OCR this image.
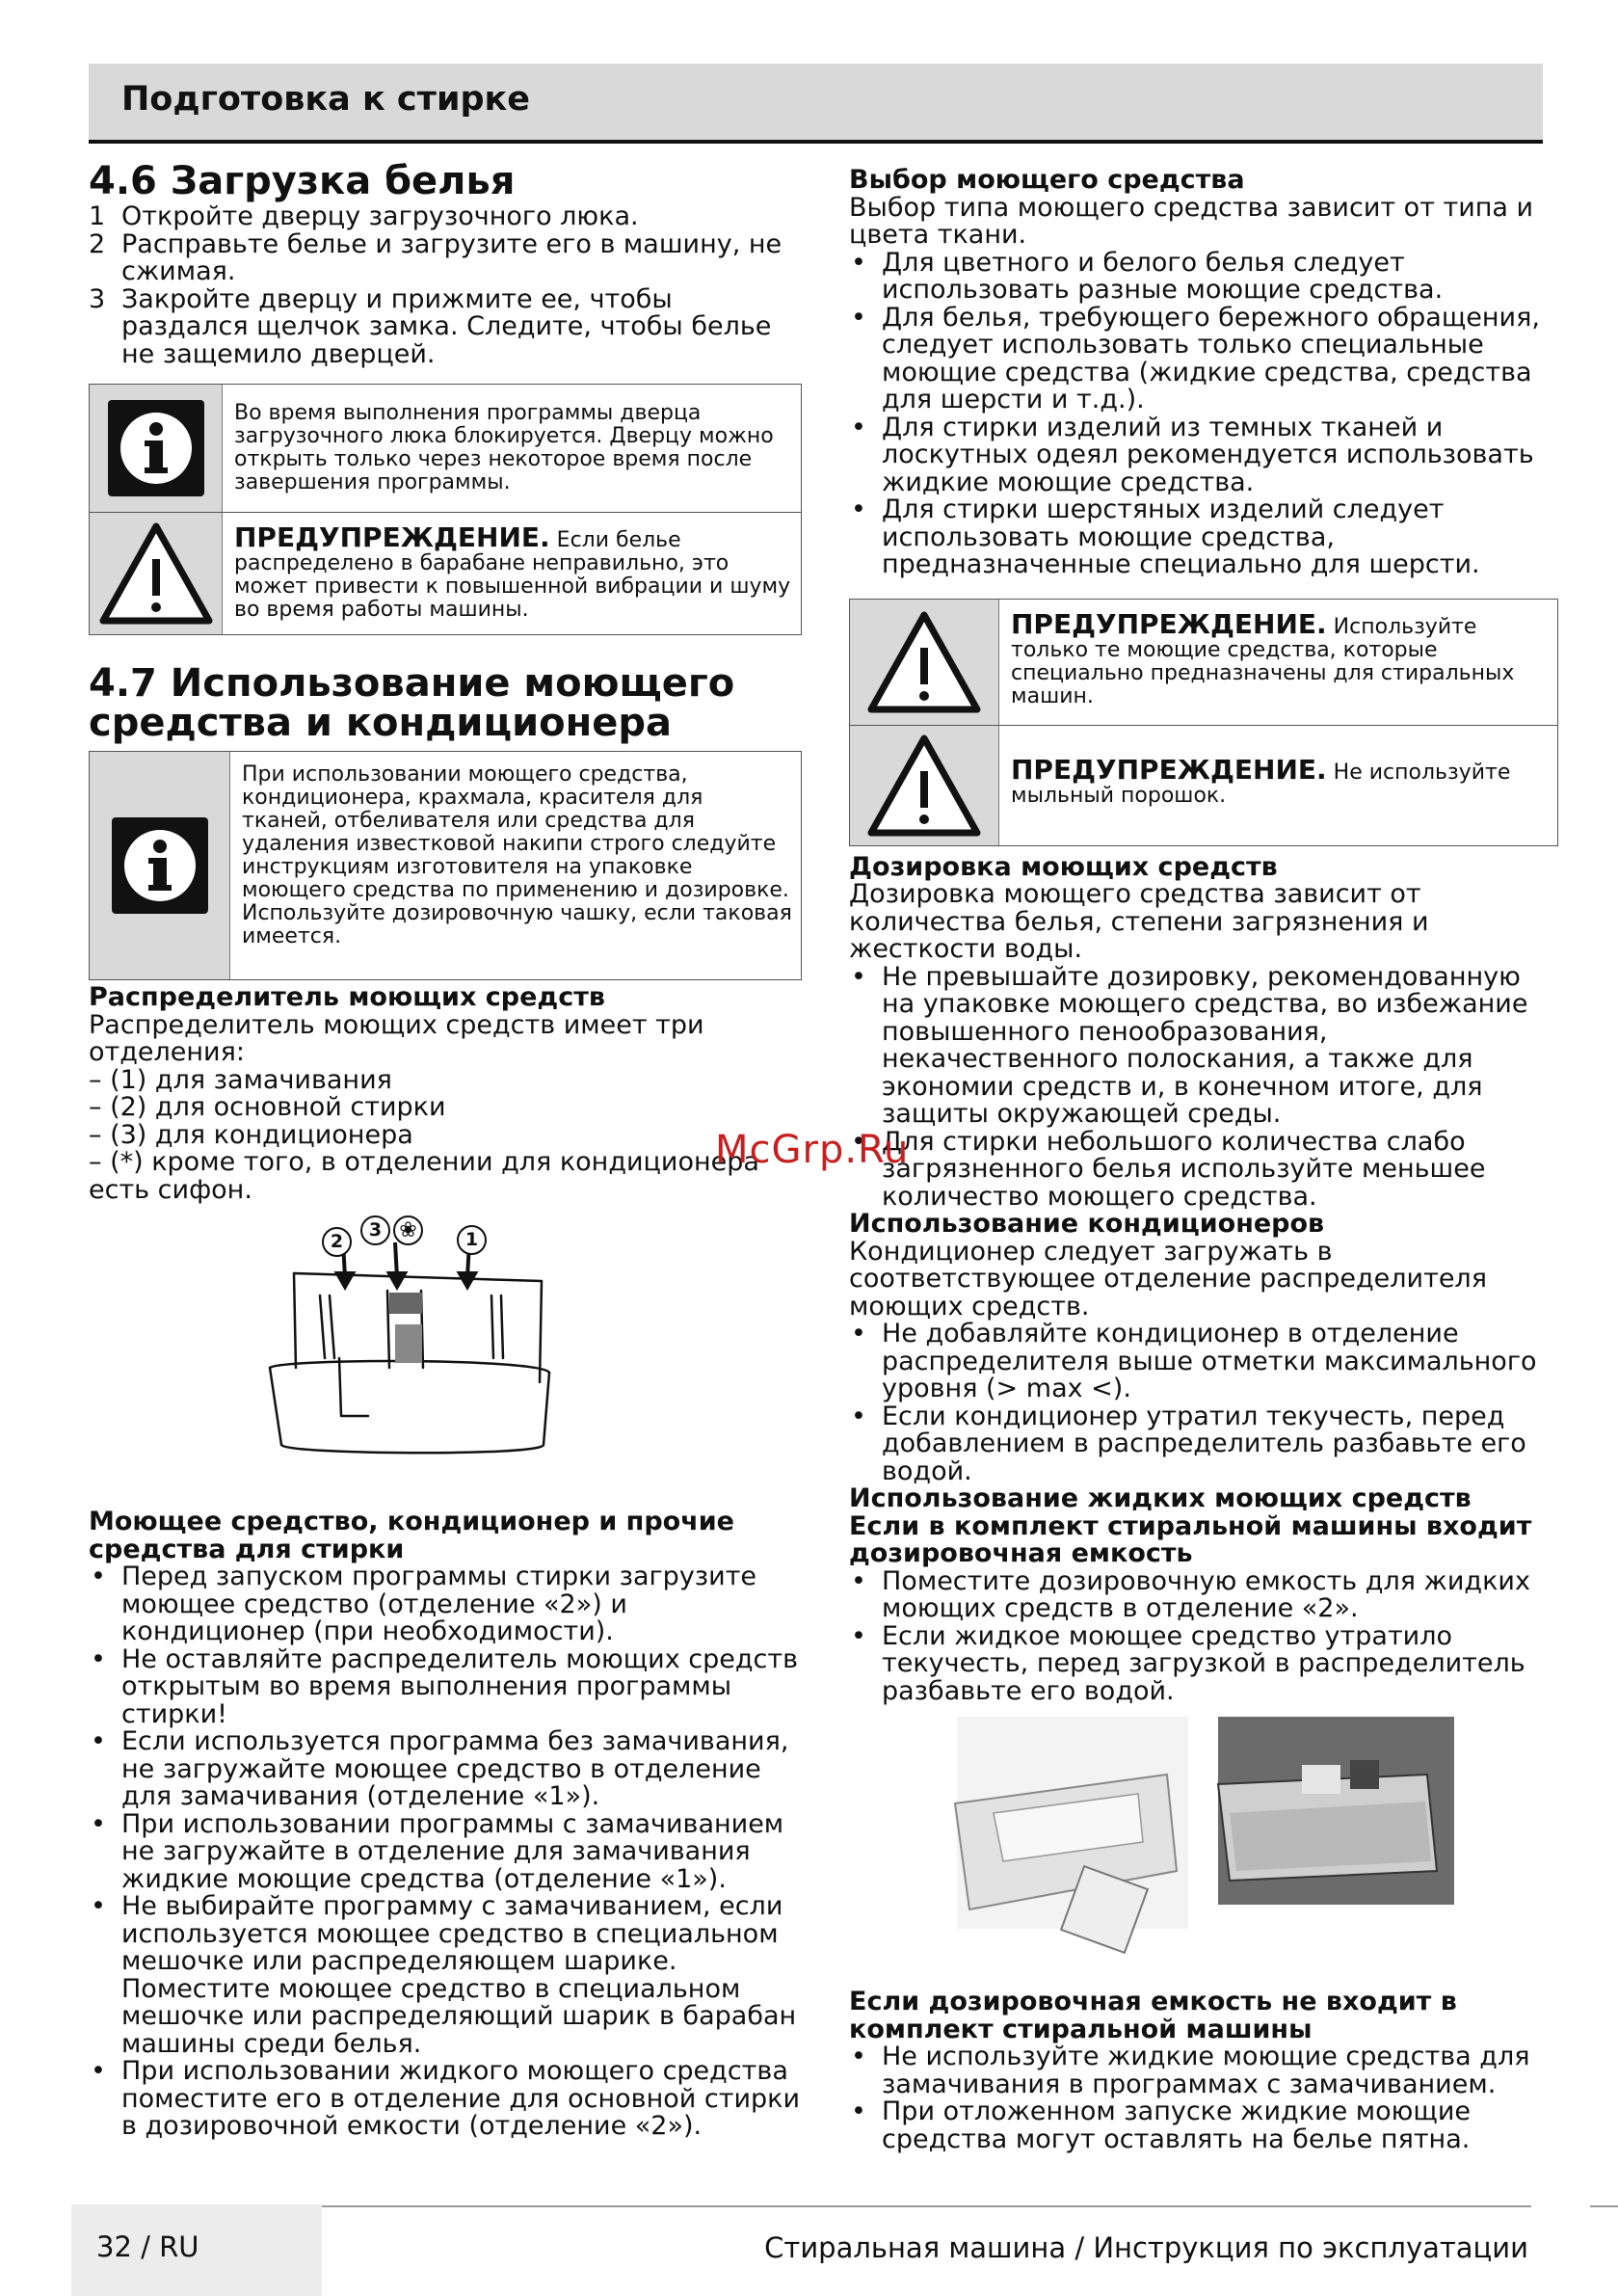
Подготовка к стирке
4.6 Загрузка белья
1 Откройте дверцу загрузочного люка.
2 Расправьте белье и загрузите его в машину, не сжимая.
3 Закройте дверцу и прижмите ее, чтобы раздался щелчок замка. Следите, чтобы белье не защемило дверцей.
Во время выполнения программы дверца загрузочного люка блокируется. Дверцу можно открыть только через некоторое время после завершения программы.
ПРЕДУПРЕЖДЕНИЕ. Если белье распределено в барабане неправильно, это может привести к повышенной вибрации и шуму во время работы машины.
4.7 Использование моющего средства и кондиционера
При использовании моющего средства, кондиционера, крахмала, красителя для тканей, отбеливателя или средства для удаления известковой накипи строго следуйте инструкциям изготовителя на упаковке моющего средства по применению и дозировке. Используйте дозировочную чашку, если таковая имеется.
Распределитель моющих средств

Распределитель моющих средств имеет три отделения:

– (1) для замачивания
– (2) для основной стирки
– (3) для кондиционера
– (*) кроме того, в отделении для кондиционера есть сифон.
2
3 ❀	1
Моющее средство, кондиционер и прочие средства для стирки
• Перед запуском программы стирки загрузите моющее средство (отделение «2») и кондиционер (при необходимости).
• Не оставляйте распределитель моющих средств открытым во время выполнения программы стирки!
• Если используется программа без замачивания, не загружайте моющее средство в отделение для замачивания (отделение «1»).
• При использовании программы с замачиванием не загружайте в отделение для замачивания жидкие моющие средства (отделение «1»).
• Не выбирайте программу с замачиванием, если используется моющее средство в специальном мешочке или распределяющем шарике. Поместите моющее средство в специальном мешочке или распределяющий шарик в барабан машины среди белья.
• При использовании жидкого моющего средства поместите его в отделение для основной стирки в дозировочной емкости (отделение «2»).
Выбор моющего средства

Выбор типа моющего средства зависит от типа и цвета ткани.

• Для цветного и белого белья следует использовать разные моющие средства.
• Для белья, требующего бережного обращения, следует использовать только специальные моющие средства (жидкие средства, средства для шерсти и т.д.).
• Для стирки изделий из темных тканей и лоскутных одеял рекомендуется использовать жидкие моющие средства.
• Для стирки шерстяных изделий следует использовать моющие средства, предназначенные специально для шерсти.
ПРЕДУПРЕЖДЕНИЕ. Используйте только те моющие средства, которые специально предназначены для стиральных машин.
ПРЕДУПРЕЖДЕНИЕ. Не используйте мыльный порошок.
Дозировка моющих средств

Дозировка моющего средства зависит от количества белья, степени загрязнения и жесткости воды.

• Не превышайте дозировку, рекомендованную на упаковке моющего средства, во избежание повышенного пенообразования, некачественного полоскания, а также для экономии средств и, в конечном итоге, для защиты окружающей среды.
• Для стирки небольшого количества слабо загрязненного белья используйте меньшее количество моющего средства.
Использование кондиционеров

Кондиционер следует загружать в соответствующее отделение распределителя моющих средств.

• Не добавляйте кондиционер в отделение распределителя выше отметки максимального уровня (> max <).
• Если кондиционер утратил текучесть, перед добавлением в распределитель разбавьте его водой.
Использование жидких моющих средств
Если в комплект стиральной машины входит дозировочная емкость
• Поместите дозировочную емкость для жидких моющих средств в отделение «2».
• Если жидкое моющее средство утратило текучесть, перед загрузкой в распределитель разбавьте его водой.
Если дозировочная емкость не входит в комплект стиральной машины
• Не используйте жидкие моющие средства для замачивания в программах с замачиванием.
• При отложенном запуске жидкие моющие средства могут оставлять на белье пятна.
McGrp.Ru
32 / RU	Стиральная машина / Инструкция по эксплуатации
